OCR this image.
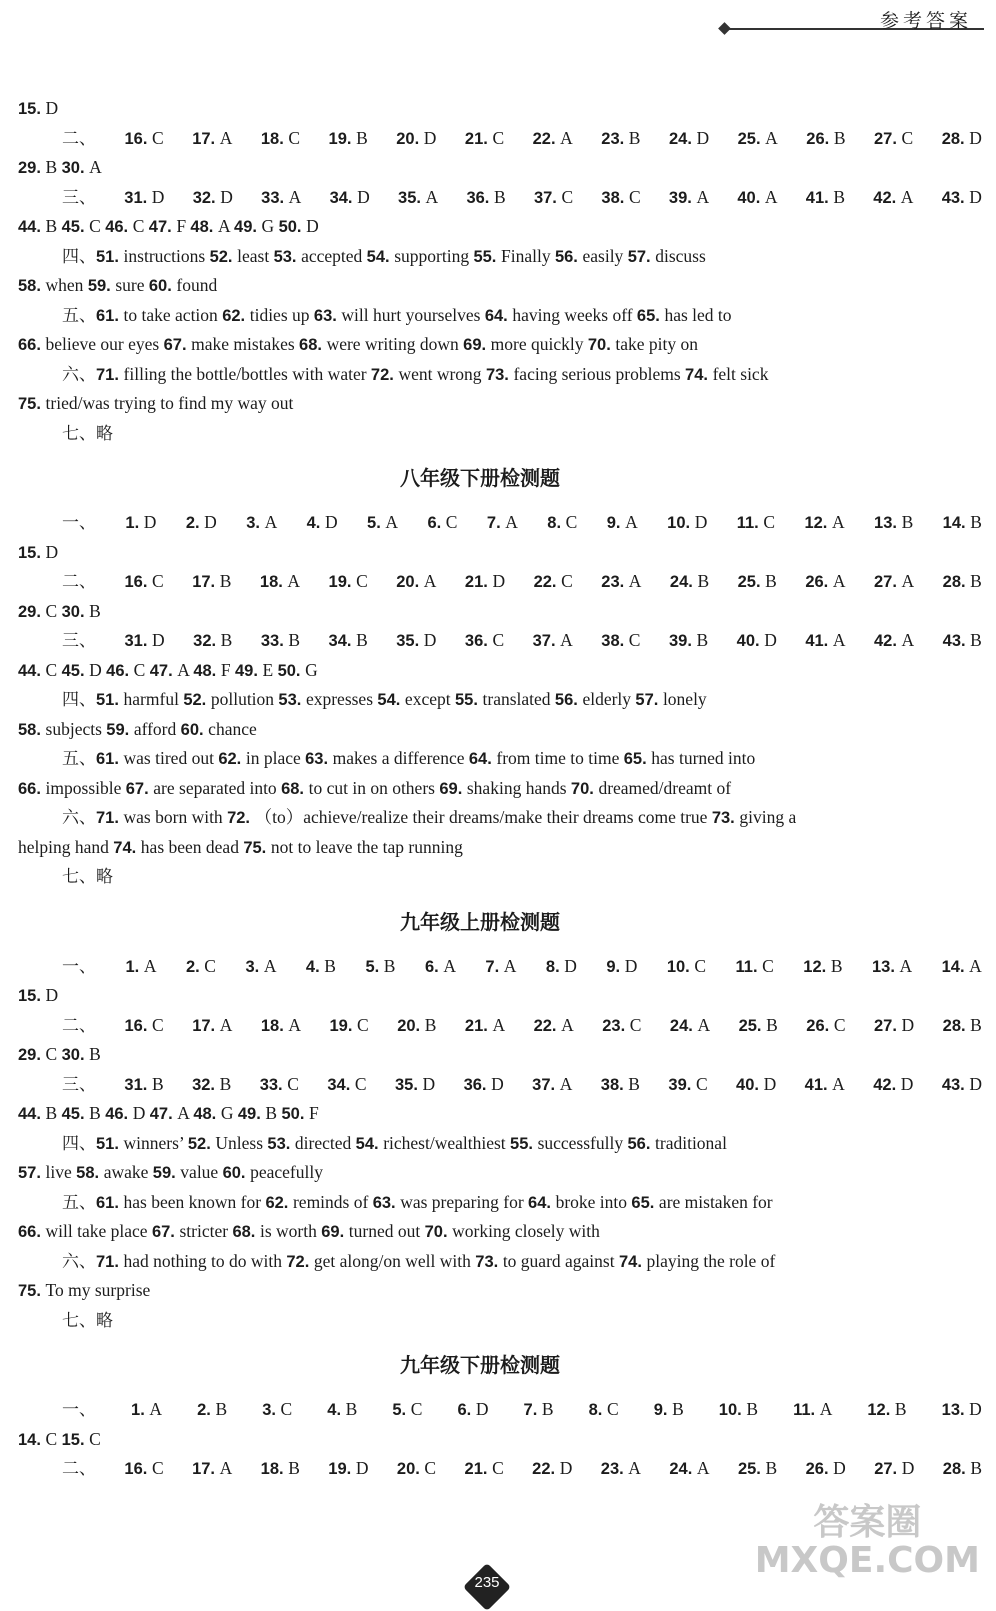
参考答案
15. D
二、 16. C 17. A 18. C 19. B 20. D 21. C 22. A 23. B 24. D 25. A 26. B 27. C 28. D
29. B 30. A
三、 31. D 32. D 33. A 34. D 35. A 36. B 37. C 38. C 39. A 40. A 41. B 42. A 43. D
44. B 45. C 46. C 47. F 48. A 49. G 50. D
四、51. instructions 52. least 53. accepted 54. supporting 55. Finally 56. easily 57. discuss
58. when 59. sure 60. found
五、61. to take action 62. tidies up 63. will hurt yourselves 64. having weeks off 65. has led to
66. believe our eyes 67. make mistakes 68. were writing down 69. more quickly 70. take pity on
六、71. filling the bottle/bottles with water 72. went wrong 73. facing serious problems 74. felt sick
75. tried/was trying to find my way out
七、略
八年级下册检测题
一、 1. D 2. D 3. A 4. D 5. A 6. C 7. A 8. C 9. A 10. D 11. C 12. A 13. B 14. B
15. D
二、 16. C 17. B 18. A 19. C 20. A 21. D 22. C 23. A 24. B 25. B 26. A 27. A 28. B
29. C 30. B
三、 31. D 32. B 33. B 34. B 35. D 36. C 37. A 38. C 39. B 40. D 41. A 42. A 43. B
44. C 45. D 46. C 47. A 48. F 49. E 50. G
四、51. harmful 52. pollution 53. expresses 54. except 55. translated 56. elderly 57. lonely
58. subjects 59. afford 60. chance
五、61. was tired out 62. in place 63. makes a difference 64. from time to time 65. has turned into
66. impossible 67. are separated into 68. to cut in on others 69. shaking hands 70. dreamed/dreamt of
六、71. was born with 72. （to）achieve/realize their dreams/make their dreams come true 73. giving a
helping hand 74. has been dead 75. not to leave the tap running
七、略
九年级上册检测题
一、 1. A 2. C 3. A 4. B 5. B 6. A 7. A 8. D 9. D 10. C 11. C 12. B 13. A 14. A
15. D
二、 16. C 17. A 18. A 19. C 20. B 21. A 22. A 23. C 24. A 25. B 26. C 27. D 28. B
29. C 30. B
三、 31. B 32. B 33. C 34. C 35. D 36. D 37. A 38. B 39. C 40. D 41. A 42. D 43. D
44. B 45. B 46. D 47. A 48. G 49. B 50. F
四、51. winners’ 52. Unless 53. directed 54. richest/wealthiest 55. successfully 56. traditional
57. live 58. awake 59. value 60. peacefully
五、61. has been known for 62. reminds of 63. was preparing for 64. broke into 65. are mistaken for
66. will take place 67. stricter 68. is worth 69. turned out 70. working closely with
六、71. had nothing to do with 72. get along/on well with 73. to guard against 74. playing the role of
75. To my surprise
七、略
九年级下册检测题
一、 1. A 2. B 3. C 4. B 5. C 6. D 7. B 8. C 9. B 10. B 11. A 12. B 13. D
14. C 15. C
二、 16. C 17. A 18. B 19. D 20. C 21. C 22. D 23. A 24. A 25. B 26. D 27. D 28. B
235
答案圈
MXQE.COM
